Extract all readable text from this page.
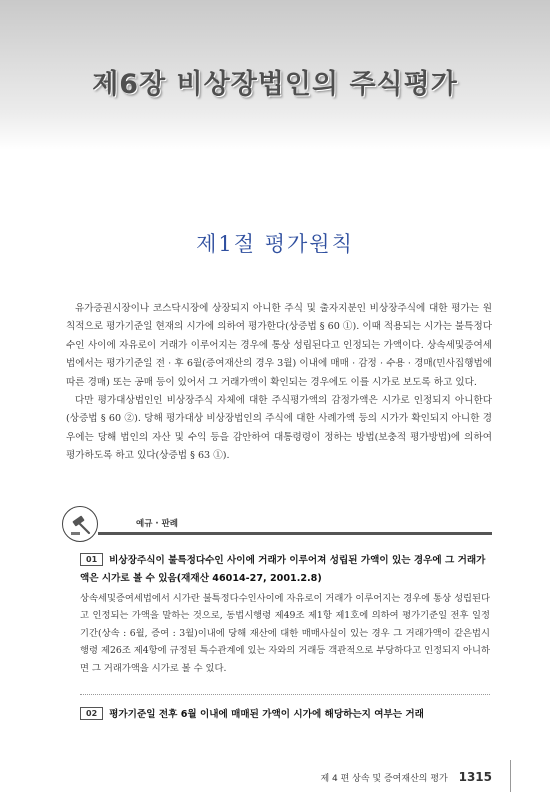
제6장 비상장법인의 주식평가
제1절 평가원칙

유가증권시장이나 코스닥시장에 상장되지 아니한 주식 및 출자지분인 비상장주식에 대한 평가는 원칙적으로 평가기준일 현재의 시가에 의하여 평가한다(상증법 § 60 ①). 이때 적용되는 시가는 불특정다수인 사이에 자유로이 거래가 이루어지는 경우에 통상 성립된다고 인정되는 가액이다. 상속세및증여세법에서는 평가기준일 전 · 후 6월(증여재산의 경우 3월) 이내에 매매 · 감정 · 수용 · 경매(민사집행법에 따른 경매) 또는 공매 등이 있어서 그 거래가액이 확인되는 경우에도 이를 시가로 보도록 하고 있다.

다만 평가대상법인인 비상장주식 자체에 대한 주식평가액의 감정가액은 시가로 인정되지 아니한다(상증법 § 60 ②). 당해 평가대상 비상장법인의 주식에 대한 사례가액 등의 시가가 확인되지 아니한 경우에는 당해 법인의 자산 및 수익 등을 감안하여 대통령령이 정하는 방법(보충적 평가방법)에 의하여 평가하도록 하고 있다(상증법 § 63 ①).

예규 · 판례
01 비상장주식이 불특정다수인 사이에 거래가 이루어져 성립된 가액이 있는 경우에 그 거래가액은 시가로 볼 수 있음(재재산 46014-27, 2001.2.8)
상속세및증여세법에서 시가란 불특정다수인사이에 자유로이 거래가 이루어지는 경우에 통상 성립된다고 인정되는 가액을 말하는 것으로, 동법시행령 제49조 제1항 제1호에 의하여 평가기준일 전후 일정기간(상속 : 6월, 증여 : 3월)이내에 당해 재산에 대한 매매사실이 있는 경우 그 거래가액이 같은법시행령 제26조 제4항에 규정된 특수관계에 있는 자와의 거래등 객관적으로 부당하다고 인정되지 아니하면 그 거래가액을 시가로 볼 수 있다.
02 평가기준일 전후 6월 이내에 매매된 가액이 시가에 해당하는지 여부는 거래
제 4 편 상속 및 증여재산의 평가 1315
